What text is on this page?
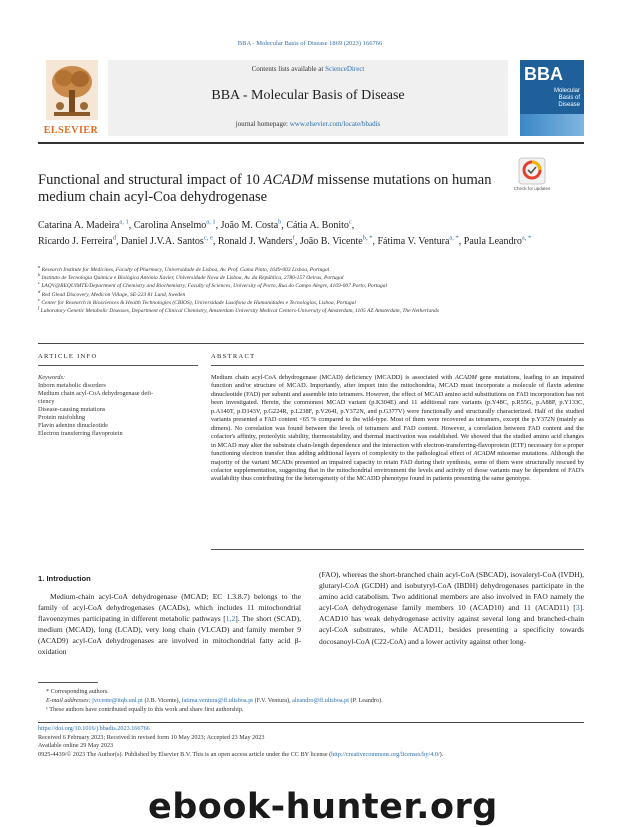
BBA - Molecular Basis of Disease 1869 (2023) 166766
ELSEVIER
Contents lists available at ScienceDirect
BBA - Molecular Basis of Disease
journal homepage: www.elsevier.com/locate/bbadis
BBA
Molecular Basis of Disease
Functional and structural impact of 10 ACADM missense mutations on human medium chain acyl-Coa dehydrogenase
Check for updates
Catarina A. Madeira$^{a, 1}$, Carolina Anselmo$^{a, 1}$, João M. Costa$^b$, Cátia A. Bonito$^c$,
Ricardo J. Ferreira$^d$, Daniel J.V.A. Santos$^{c, e}$, Ronald J. Wanders$^f$, João B. Vicente$^{b, *}$, Fátima V. Ventura$^{a, *}$, Paula Leandro$^{a, *}$
$^a$ Research Institute for Medicines, Faculty of Pharmacy, Universidade de Lisboa, Av. Prof. Gama Pinto, 1649-003 Lisboa, Portugal
$^b$ Instituto de Tecnologia Química e Biológica António Xavier, Universidade Nova de Lisboa, Av. da República, 2780-157 Oeiras, Portugal
$^c$ LAQV@REQUIMTE/Department of Chemistry and Biochemistry, Faculty of Sciences, University of Porto, Rua do Campo Alegre, 4169-007 Porto, Portugal
$^d$ Red Glead Discovery, Medicon Village, SE-223 81 Lund, Sweden
$^e$ Center for Research in Biosciences & Health Technologies (CBIOS), Universidade Lusófona de Humanidades e Tecnologias, Lisboa, Portugal
$^f$ Laboratory Genetic Metabolic Diseases, Department of Clinical Chemistry, Amsterdam University Medical Centers-University of Amsterdam, 1105 AZ Amsterdam, The Netherlands
ARTICLE INFO	ABSTRACT
Keywords:
Inborn metabolic disorders
Medium chain acyl-CoA dehydrogenase defi-
ciency
Disease-causing mutations
Protein misfolding
Flavin adenine dinucleotide
Electron transferring flavoprotein
Medium chain acyl-CoA dehydrogenase (MCAD) deficiency (MCADD) is associated with ACADM gene mutations, leading to an impaired function and/or structure of MCAD. Importantly, after import into the mitochondria, MCAD must incorporate a molecule of flavin adenine dinucleotide (FAD) per subunit and assemble into tetramers. However, the effect of MCAD amino acid substitutions on FAD incorporation has not been investigated. Herein, the commonest MCAD variant (p.K304E) and 11 additional rare variants (p.Y48C, p.R55G, p.A88P, p.Y133C, p.A140T, p.D143V, p.G224R, p.L238F, p.V264I, p.Y372N, and p.G377V) were functionally and structurally characterized. Half of the studied variants presented a FAD content <65 % compared to the wild-type. Most of them were recovered as tetramers, except the p.Y372N (mainly as dimers). No correlation was found between the levels of tetramers and FAD content. However, a correlation between FAD content and the cofactor's affinity, proteolytic stability, thermostability, and thermal inactivation was established. We showed that the studied amino acid changes in MCAD may alter the substrate chain-length dependence and the interaction with electron-transferring-flavoprotein (ETF) necessary for a proper functioning electron transfer thus adding additional layers of complexity to the pathological effect of ACADM missense mutations. Although the majority of the variant MCADs presented an impaired capacity to retain FAD during their synthesis, some of them were structurally rescued by cofactor supplementation, suggesting that in the mitochondrial environment the levels and activity of those variants may be dependent of FAD's availability thus contributing for the heterogeneity of the MCADD phenotype found in patients presenting the same genotype.
1. Introduction
Medium-chain acyl-CoA dehydrogenase (MCAD; EC 1.3.8.7) belongs to the family of acyl-CoA dehydrogenases (ACADs), which includes 11 mitochondrial flavoenzymes participating in different metabolic pathways [1,2]. The short (SCAD), medium (MCAD), long (LCAD), very long chain (VLCAD) and family member 9 (ACAD9) acyl-CoA dehydrogenases are involved in mitochondrial fatty acid β-oxidation
(FAO), whereas the short-branched chain acyl-CoA (SBCAD), isovaleryl-CoA (IVDH), glutaryl-CoA (GCDH) and isobutyryl-CoA (IBDH) dehydrogenases participate in the amino acid catabolism. Two additional members are also involved in FAO namely the acyl-CoA dehydrogenase family members 10 (ACAD10) and 11 (ACAD11) [3]. ACAD10 has weak dehydrogenase activity against several long and branched-chain acyl-CoA substrates, while ACAD11, besides presenting a specificity towards docosanoyl-CoA (C22-CoA) and a lower activity against other long-
* Corresponding authors.
E-mail addresses: jvicente@itqb.unl.pt (J.B. Vicente), fatima.ventura@ff.ulisboa.pt (F.V. Ventura), aleandro@ff.ulisboa.pt (P. Leandro).
¹ These authors have contributed equally to this work and share first authorship.
https://doi.org/10.1016/j.bbadis.2023.166766
Received 6 February 2023; Received in revised form 10 May 2023; Accepted 23 May 2023
Available online 29 May 2023
0925-4439/© 2023 The Author(s). Published by Elsevier B.V. This is an open access article under the CC BY license (http://creativecommons.org/licenses/by/4.0/).
ebook-hunter.org
